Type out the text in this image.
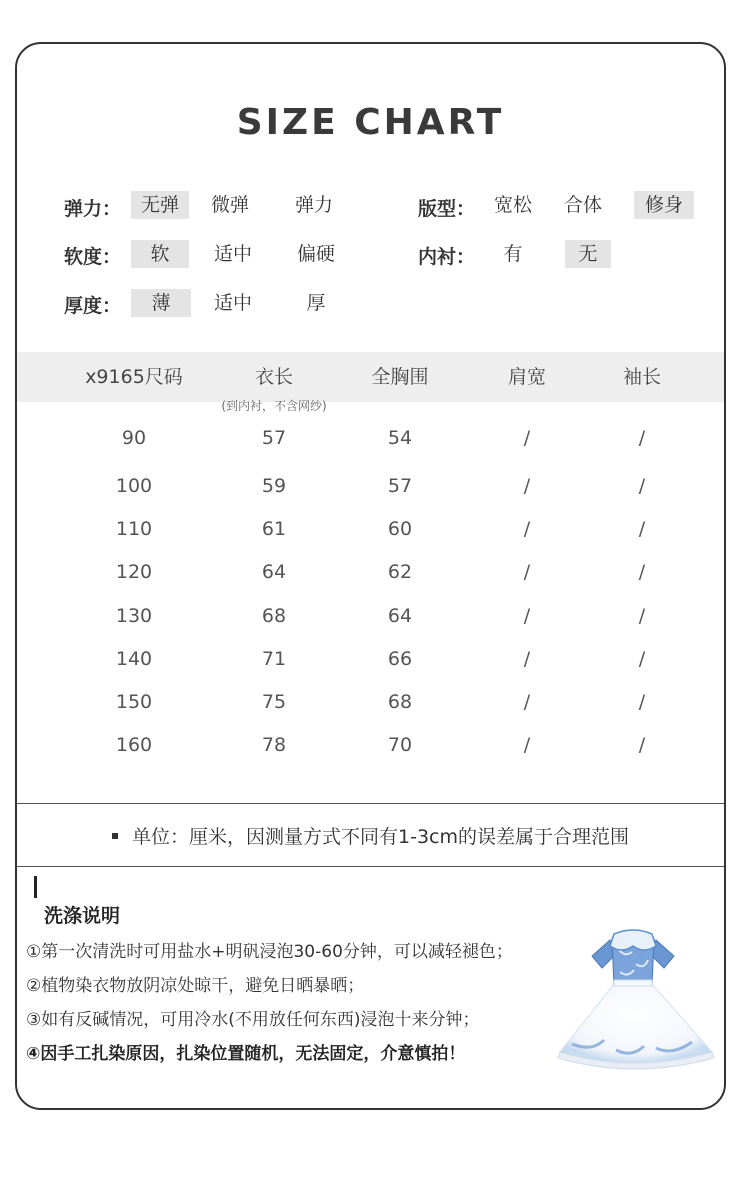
SIZE CHART
弹力：	无弹	微弹	弹力	版型： 宽松	合体	修身
软度：	软	适中	偏硬	内衬：	有	无
厚度：	薄	适中	厚
x9165尺码	衣长	全胸围	肩宽	袖长
(到内衬，不含网纱)
90	57	54	/	/
100	59	57	/	/
110	61	60	/	/
120	64	62	/	/
130	68	64	/	/
140	71	66	/	/
150	75	68	/	/
160	78	70	/	/
单位：厘米，因测量方式不同有1-3cm的误差属于合理范围
洗涤说明
①第一次清洗时可用盐水+明矾浸泡30-60分钟，可以减轻褪色；
②植物染衣物放阴凉处晾干，避免日晒暴晒；
③如有反碱情况，可用冷水(不用放任何东西)浸泡十来分钟；
④因手工扎染原因，扎染位置随机，无法固定，介意慎拍！
